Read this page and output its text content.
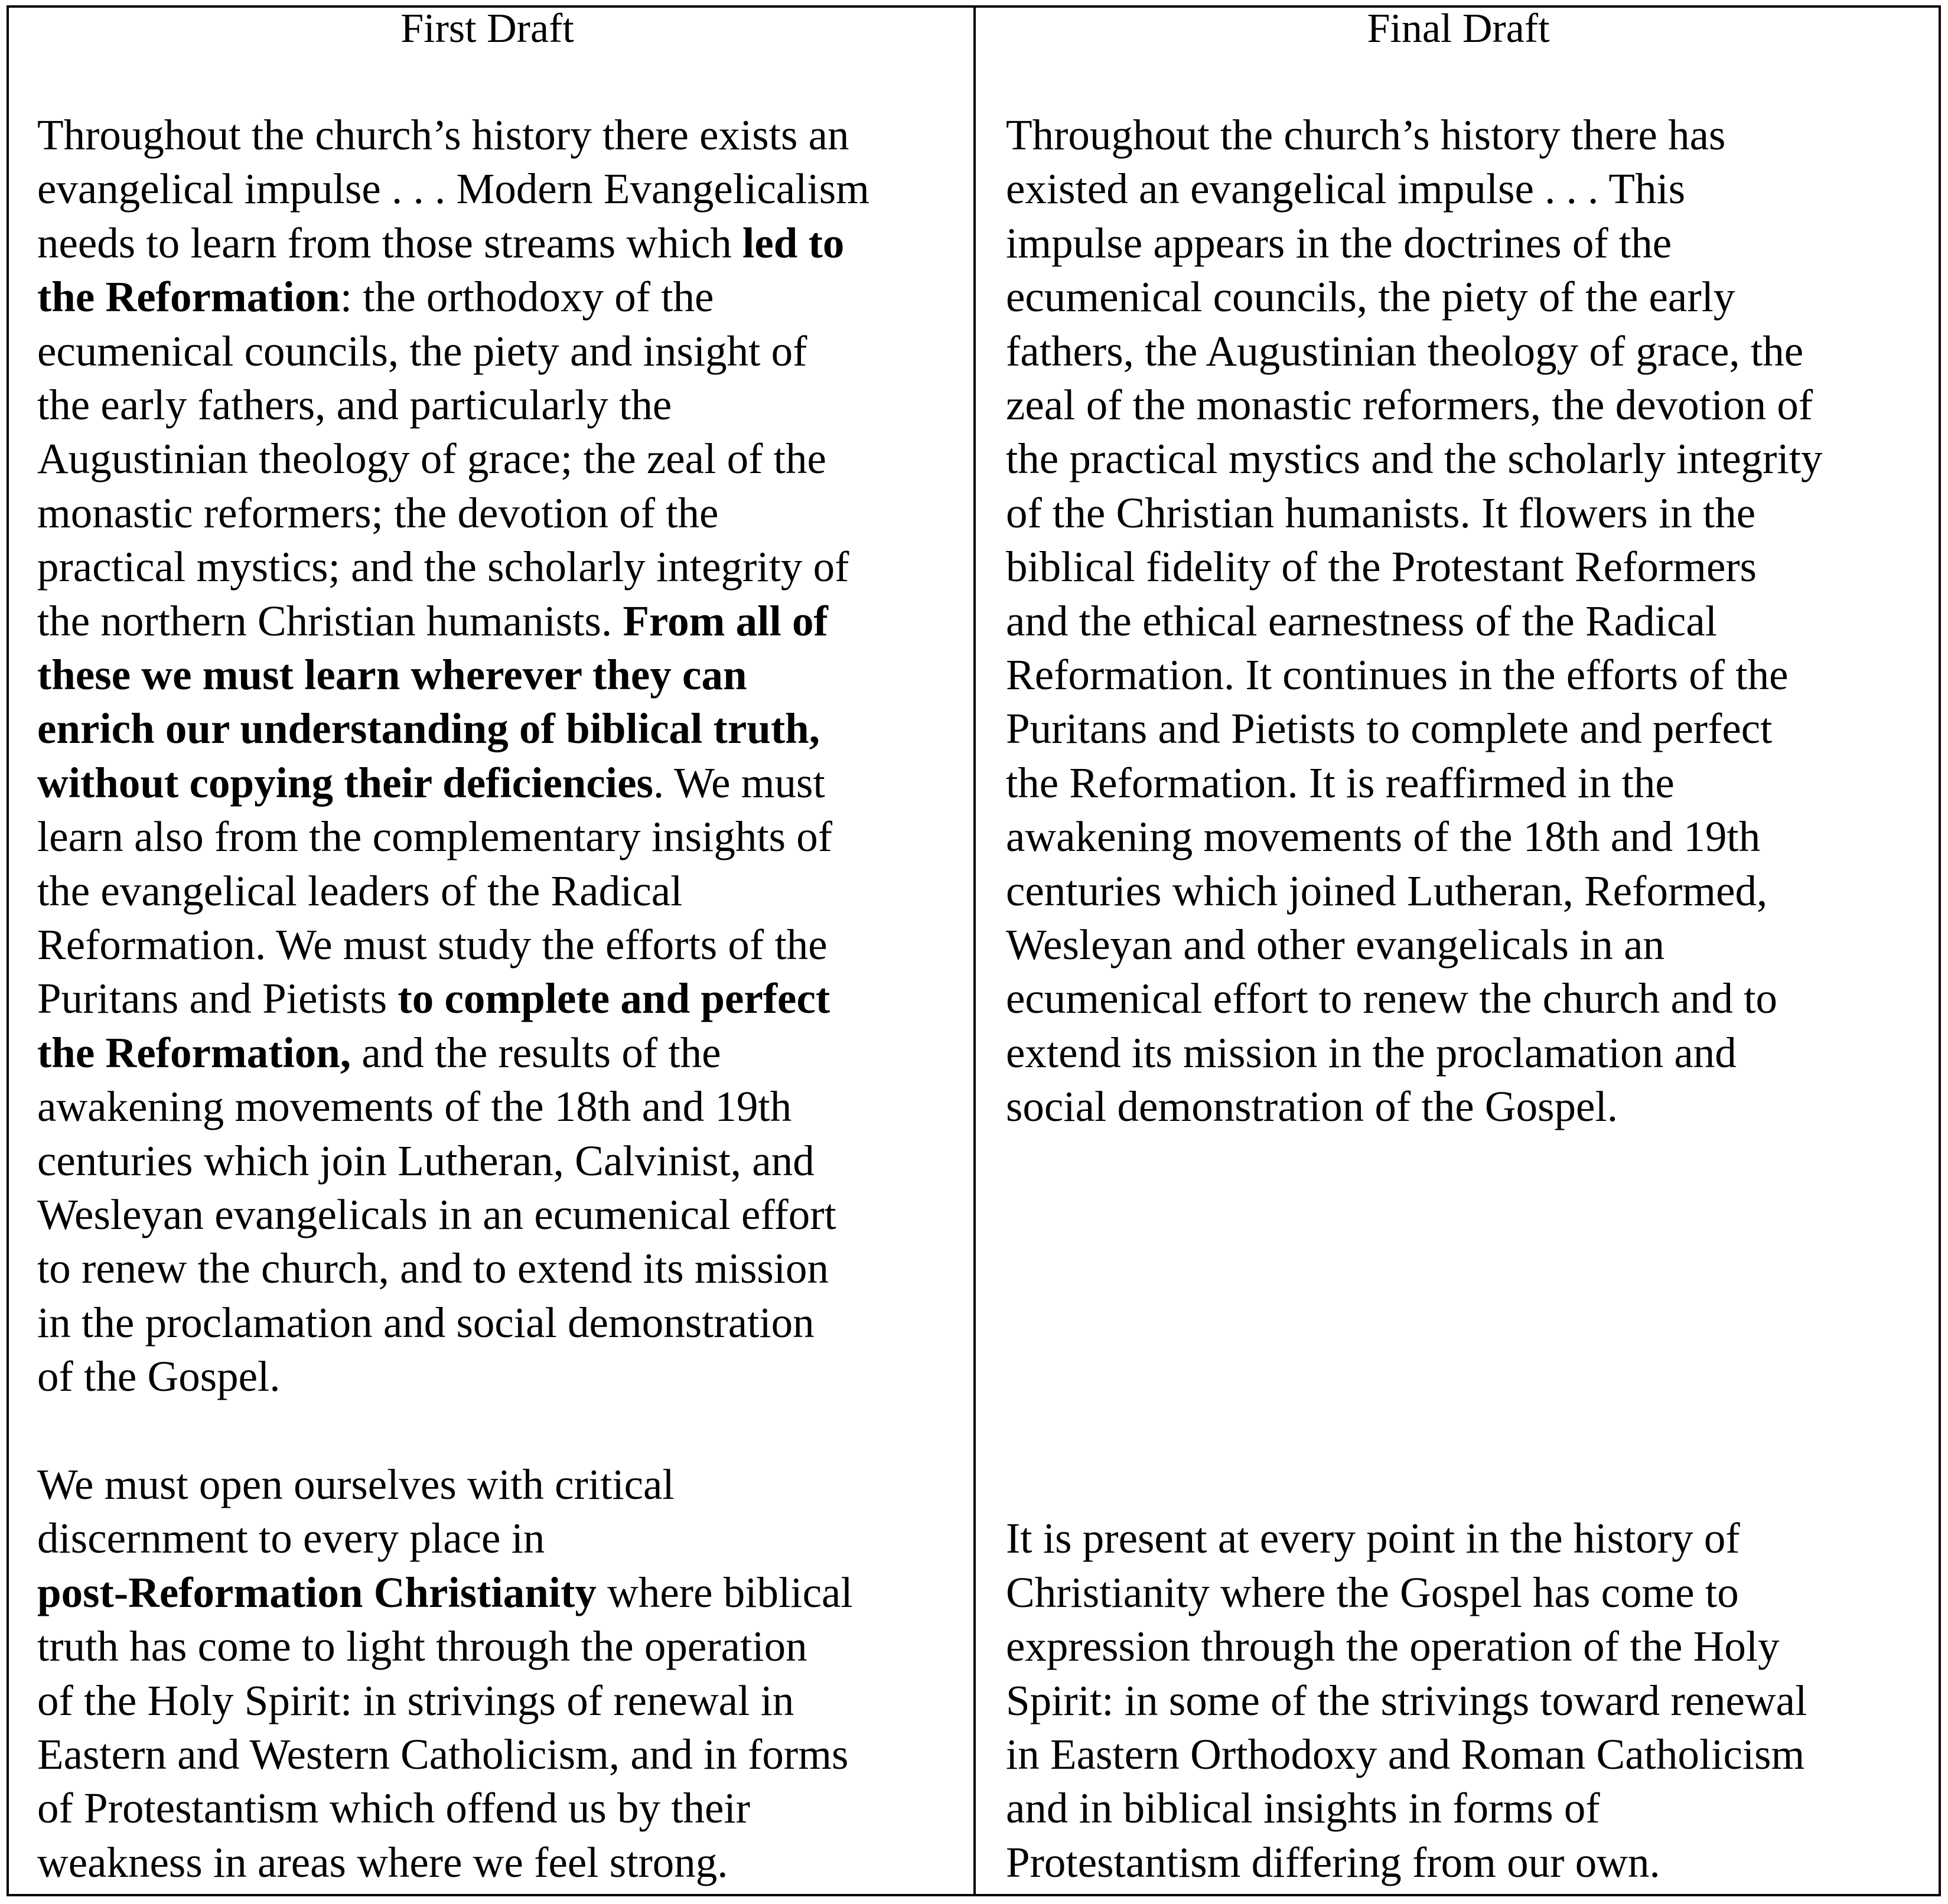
First Draft
Throughout the church’s history there exists an
evangelical impulse . . . Modern Evangelicalism
needs to learn from those streams which led to
the Reformation: the orthodoxy of the
ecumenical councils, the piety and insight of
the early fathers, and particularly the
Augustinian theology of grace; the zeal of the
monastic reformers; the devotion of the
practical mystics; and the scholarly integrity of
the northern Christian humanists. From all of
these we must learn wherever they can
enrich our understanding of biblical truth,
without copying their deficiencies. We must
learn also from the complementary insights of
the evangelical leaders of the Radical
Reformation. We must study the efforts of the
Puritans and Pietists to complete and perfect
the Reformation, and the results of the
awakening movements of the 18th and 19th
centuries which join Lutheran, Calvinist, and
Wesleyan evangelicals in an ecumenical effort
to renew the church, and to extend its mission
in the proclamation and social demonstration
of the Gospel.
We must open ourselves with critical
discernment to every place in
post-Reformation Christianity where biblical
truth has come to light through the operation
of the Holy Spirit: in strivings of renewal in
Eastern and Western Catholicism, and in forms
of Protestantism which offend us by their
weakness in areas where we feel strong.
Final Draft
Throughout the church’s history there has
existed an evangelical impulse . . . This
impulse appears in the doctrines of the
ecumenical councils, the piety of the early
fathers, the Augustinian theology of grace, the
zeal of the monastic reformers, the devotion of
the practical mystics and the scholarly integrity
of the Christian humanists. It flowers in the
biblical fidelity of the Protestant Reformers
and the ethical earnestness of the Radical
Reformation. It continues in the efforts of the
Puritans and Pietists to complete and perfect
the Reformation. It is reaffirmed in the
awakening movements of the 18th and 19th
centuries which joined Lutheran, Reformed,
Wesleyan and other evangelicals in an
ecumenical effort to renew the church and to
extend its mission in the proclamation and
social demonstration of the Gospel.
It is present at every point in the history of
Christianity where the Gospel has come to
expression through the operation of the Holy
Spirit: in some of the strivings toward renewal
in Eastern Orthodoxy and Roman Catholicism
and in biblical insights in forms of
Protestantism differing from our own.
